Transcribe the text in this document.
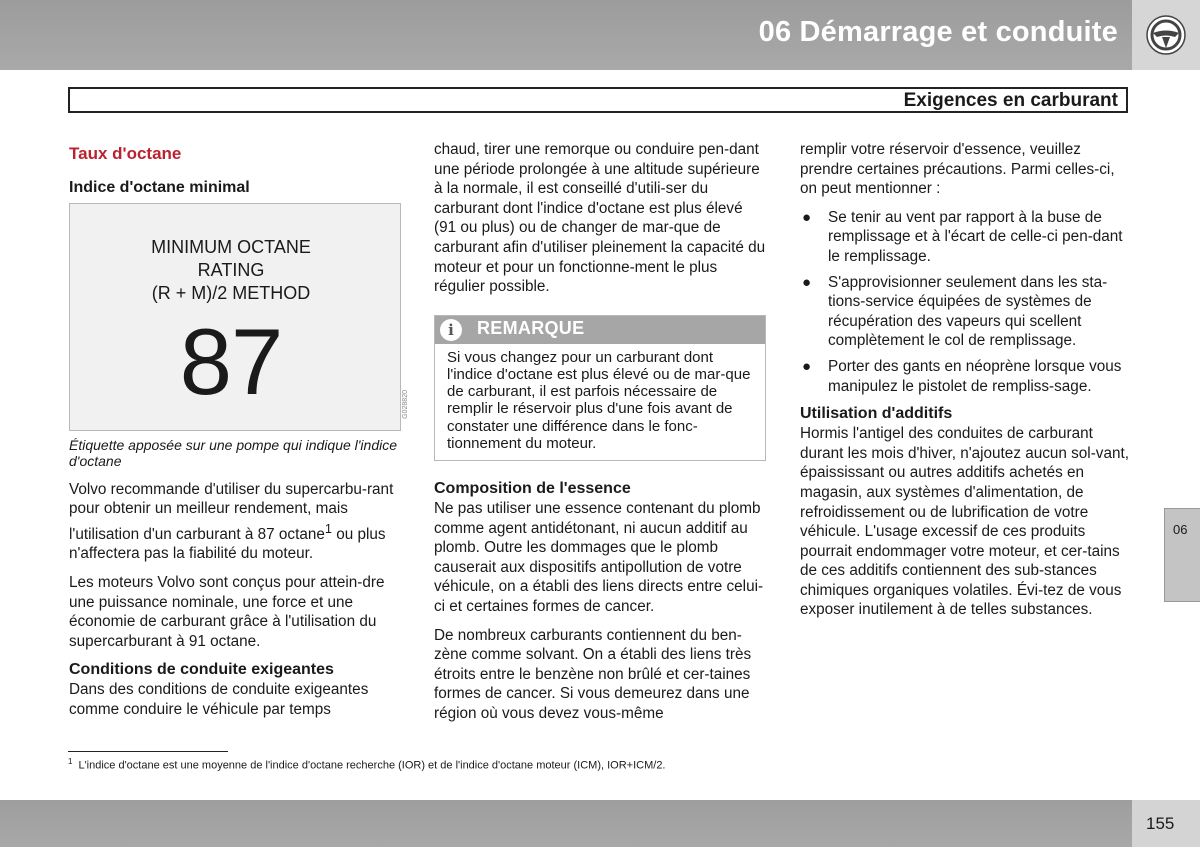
06 Démarrage et conduite
Exigences en carburant
Taux d'octane
Indice d'octane minimal
MINIMUM OCTANE
RATING
(R + M)/2 METHOD
87	G028820
Étiquette apposée sur une pompe qui indique l'indice d'octane

Volvo recommande d'utiliser du supercarbu-rant pour obtenir un meilleur rendement, mais l'utilisation d'un carburant à 87 octane$^1$ ou plus n'affectera pas la fiabilité du moteur.

Les moteurs Volvo sont conçus pour attein-dre une puissance nominale, une force et une économie de carburant grâce à l'utilisation du supercarburant à 91 octane.

Conditions de conduite exigeantes

Dans des conditions de conduite exigeantes comme conduire le véhicule par temps

chaud, tirer une remorque ou conduire pen-dant une période prolongée à une altitude supérieure à la normale, il est conseillé d'utili-ser du carburant dont l'indice d'octane est plus élevé (91 ou plus) ou de changer de mar-que de carburant afin d'utiliser pleinement la capacité du moteur et pour un fonctionne-ment le plus régulier possible.

i	REMARQUE
Si vous changez pour un carburant dont l'indice d'octane est plus élevé ou de mar-que de carburant, il est parfois nécessaire de remplir le réservoir plus d'une fois avant de constater une différence dans le fonc-tionnement du moteur.
Composition de l'essence

Ne pas utiliser une essence contenant du plomb comme agent antidétonant, ni aucun additif au plomb. Outre les dommages que le plomb causerait aux dispositifs antipollution de votre véhicule, on a établi des liens directs entre celui-ci et certaines formes de cancer.

De nombreux carburants contiennent du ben-zène comme solvant. On a établi des liens très étroits entre le benzène non brûlé et cer-taines formes de cancer. Si vous demeurez dans une région où vous devez vous-même

remplir votre réservoir d'essence, veuillez prendre certaines précautions. Parmi celles-ci, on peut mentionner :

● Se tenir au vent par rapport à la buse de remplissage et à l'écart de celle-ci pen-dant le remplissage.
● S'approvisionner seulement dans les sta-tions-service équipées de systèmes de récupération des vapeurs qui scellent complètement le col de remplissage.
● Porter des gants en néoprène lorsque vous manipulez le pistolet de rempliss-sage.
Utilisation d'additifs

Hormis l'antigel des conduites de carburant durant les mois d'hiver, n'ajoutez aucun sol-vant, épaississant ou autres additifs achetés en magasin, aux systèmes d'alimentation, de refroidissement ou de lubrification de votre véhicule. L'usage excessif de ces produits pourrait endommager votre moteur, et cer-tains de ces additifs contiennent des sub-stances chimiques organiques volatiles. Évi-tez de vous exposer inutilement à de telles substances.

$^1$ L'indice d'octane est une moyenne de l'indice d'octane recherche (IOR) et de l'indice d'octane moteur (ICM), IOR+ICM/2.
06
155
